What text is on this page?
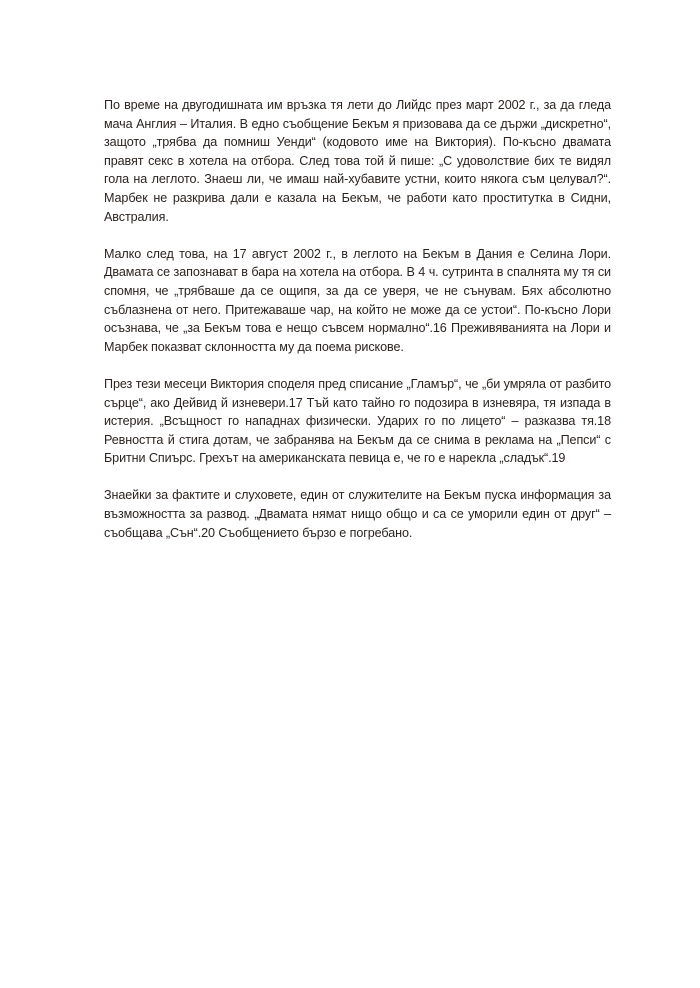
По време на двугодишната им връзка тя лети до Лийдс през март 2002 г., за да гледа мача Англия – Италия. В едно съобщение Бекъм я призовава да се държи „дискретно“, защото „трябва да помниш Уенди“ (кодовото име на Виктория). По-късно двамата правят секс в хотела на отбора. След това той й пише: „С удоволствие бих те видял гола на леглото. Знаеш ли, че имаш най-хубавите устни, които някога съм целувал?“. Марбек не разкрива дали е казала на Бекъм, че работи като проститутка в Сидни, Австралия.

Малко след това, на 17 август 2002 г., в леглото на Бекъм в Дания е Селина Лори. Двамата се запознават в бара на хотела на отбора. В 4 ч. сутринта в спалнята му тя си спомня, че „трябваше да се ощипя, за да се уверя, че не сънувам. Бях абсолютно съблазнена от него. Притежаваше чар, на който не може да се устои“. По-късно Лори осъзнава, че „за Бекъм това е нещо съвсем нормално“.16 Преживяванията на Лори и Марбек показват склонността му да поема рискове.

През тези месеци Виктория споделя пред списание „Гламър“, че „би умряла от разбито сърце“, ако Дейвид й изневери.17 Тъй като тайно го подозира в изневяра, тя изпада в истерия. „Всъщност го нападнах физически. Ударих го по лицето“ – разказва тя.18 Ревността й стига дотам, че забранява на Бекъм да се снима в реклама на „Пепси“ с Бритни Спиърс. Грехът на американската певица е, че го е нарекла „сладък“.19

Знаейки за фактите и слуховете, един от служителите на Бекъм пуска информация за възможността за развод. „Двамата нямат нищо общо и са се уморили един от друг“ – съобщава „Сън“.20 Съобщението бързо е погребано.
